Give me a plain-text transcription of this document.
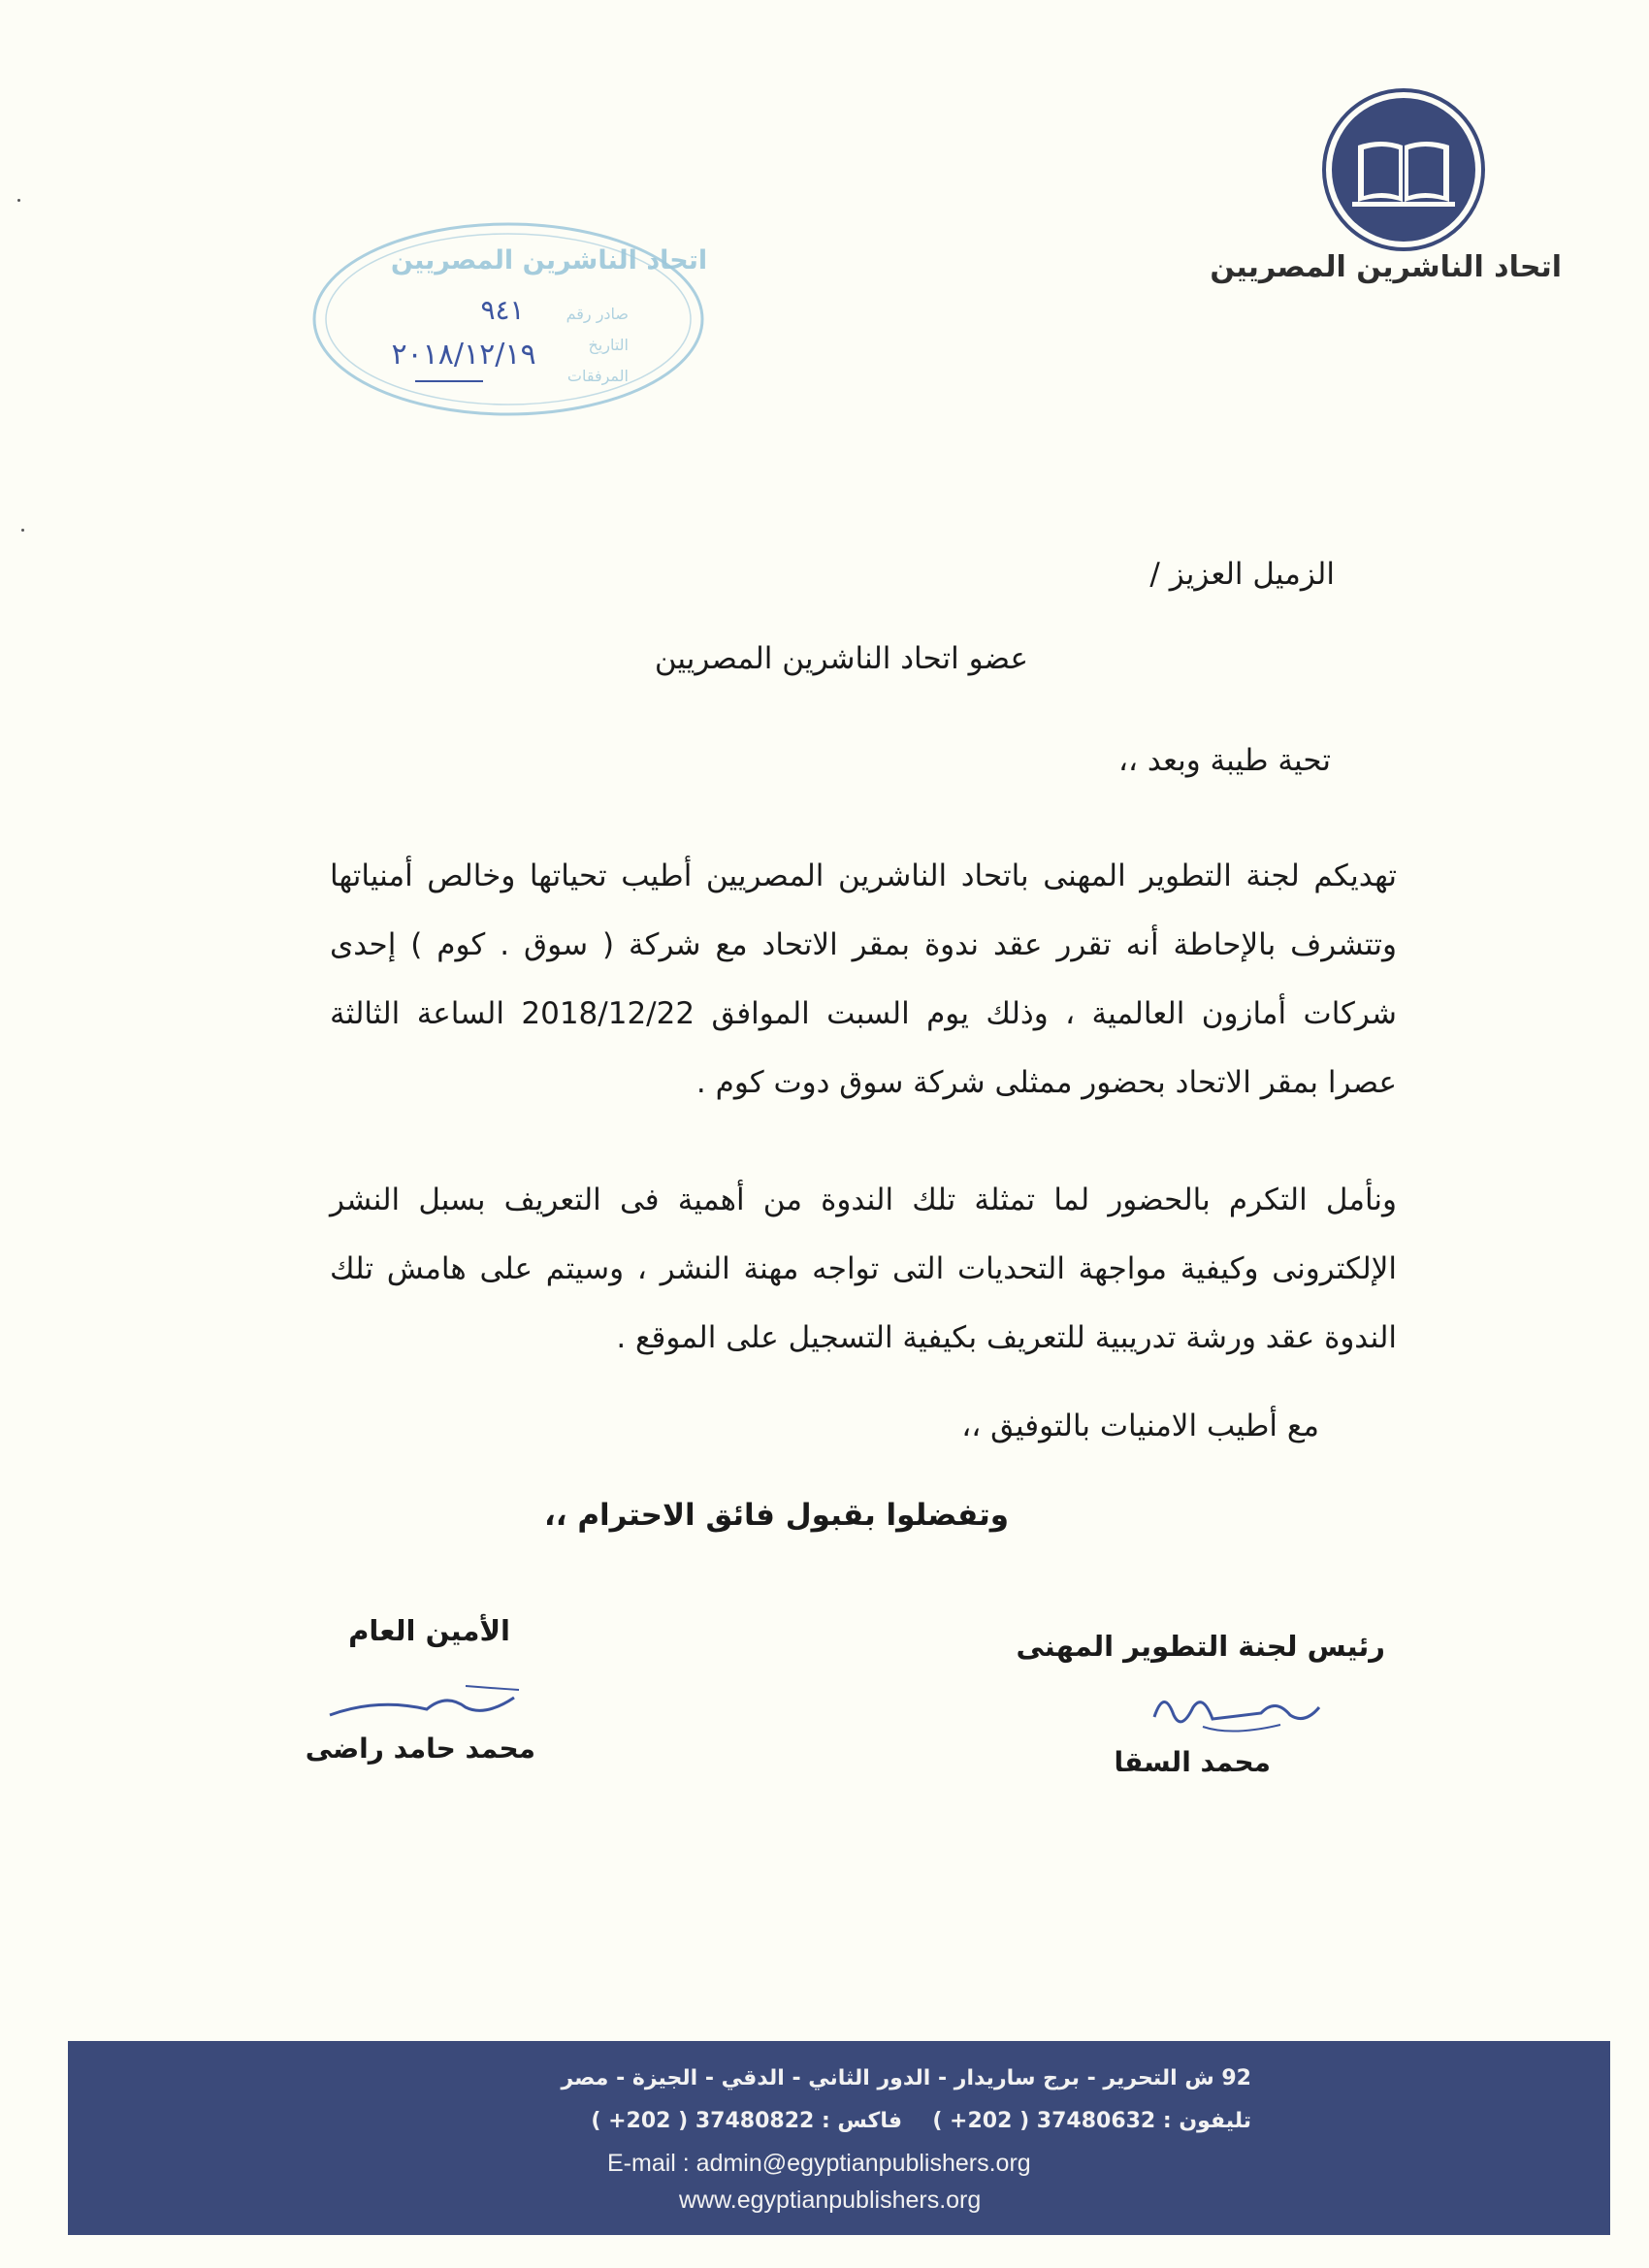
اتحاد الناشرين المصريين
اتحاد الناشرين المصريين
صادر رقم
التاريخ
المرفقات
٩٤١
٢٠١٨/١٢/١٩
الزميل العزيز /
عضو اتحاد الناشرين المصريين
تحية طيبة وبعد ،،
تهديكم لجنة التطوير المهنى باتحاد الناشرين المصريين أطيب تحياتها وخالص أمنياتها وتتشرف بالإحاطة أنه تقرر عقد ندوة بمقر الاتحاد مع شركة ( سوق . كوم ) إحدى شركات أمازون العالمية ، وذلك يوم السبت الموافق 2018/12/22 الساعة الثالثة عصرا بمقر الاتحاد بحضور ممثلى شركة سوق دوت كوم .
ونأمل التكرم بالحضور لما تمثلة تلك الندوة من أهمية فى التعريف بسبل النشر الإلكترونى وكيفية مواجهة التحديات التى تواجه مهنة النشر ، وسيتم على هامش تلك الندوة عقد ورشة تدريبية للتعريف بكيفية التسجيل على الموقع .
مع أطيب الامنيات بالتوفيق ،،
وتفضلوا بقبول فائق الاحترام ،،
رئيس لجنة التطوير المهنى
محمد السقا
الأمين العام
محمد حامد راضى
92 ش التحرير - برج ساريدار - الدور الثاني - الدقي - الجيزة - مصر
تليفون : 37480632 ( 202+ )
فاكس : 37480822 ( 202+ )
E-mail : admin@egyptianpublishers.org
www.egyptianpublishers.org
